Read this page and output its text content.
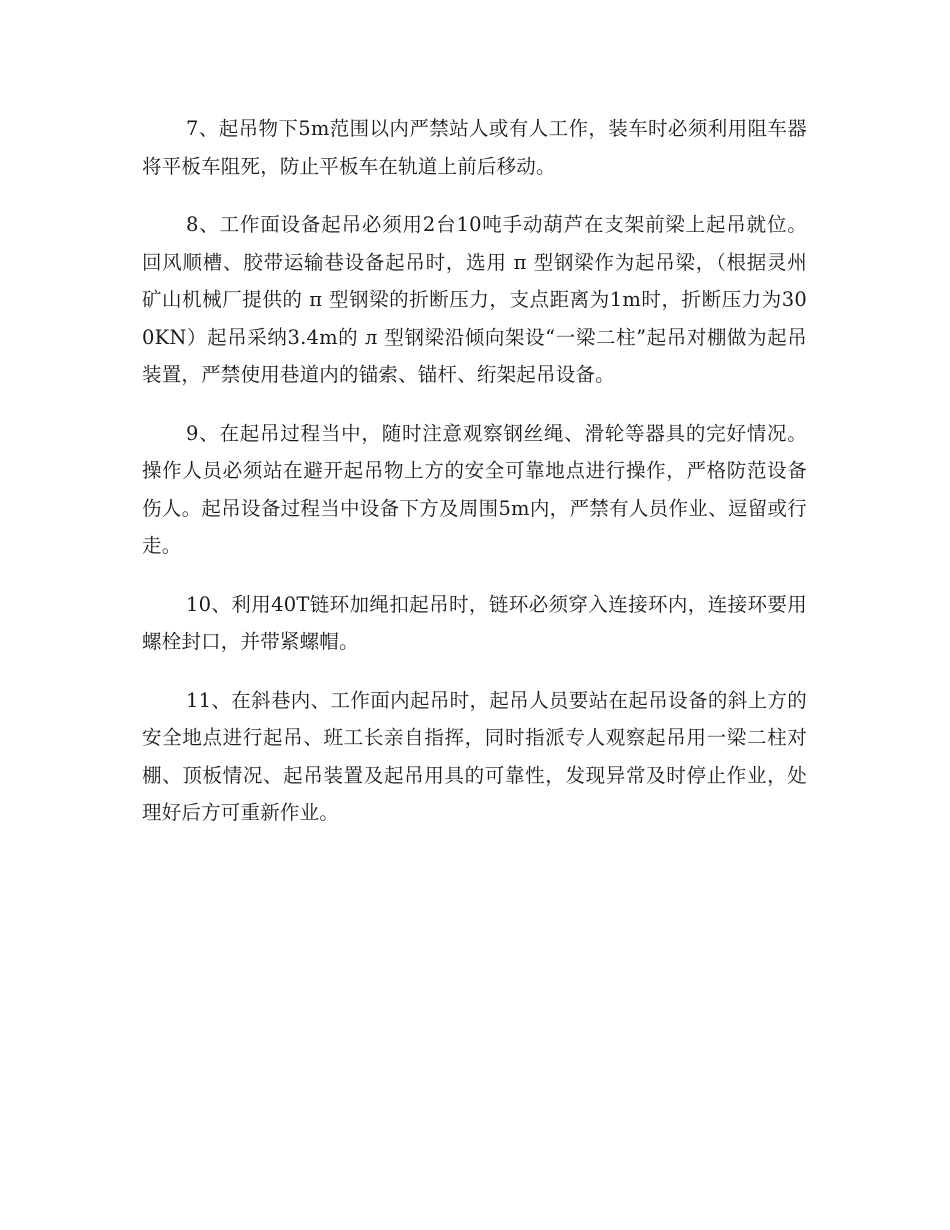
7、起吊物下5m范围以内严禁站人或有人工作，装车时必须利用阻车器将平板车阻死，防止平板车在轨道上前后移动。

8、工作面设备起吊必须用2台10吨手动葫芦在支架前梁上起吊就位。回风顺槽、胶带运输巷设备起吊时，选用 π 型钢梁作为起吊梁，（根据灵州矿山机械厂提供的 π 型钢梁的折断压力，支点距离为1m时，折断压力为300KN）起吊采纳3.4m的 л 型钢梁沿倾向架设“一梁二柱”起吊对棚做为起吊装置，严禁使用巷道内的锚索、锚杆、绗架起吊设备。

9、在起吊过程当中，随时注意观察钢丝绳、滑轮等器具的完好情况。操作人员必须站在避开起吊物上方的安全可靠地点进行操作，严格防范设备伤人。起吊设备过程当中设备下方及周围5m内，严禁有人员作业、逗留或行走。

10、利用40T链环加绳扣起吊时，链环必须穿入连接环内，连接环要用螺栓封口，并带紧螺帽。

11、在斜巷内、工作面内起吊时，起吊人员要站在起吊设备的斜上方的安全地点进行起吊、班工长亲自指挥，同时指派专人观察起吊用一梁二柱对棚、顶板情况、起吊装置及起吊用具的可靠性，发现异常及时停止作业，处理好后方可重新作业。
